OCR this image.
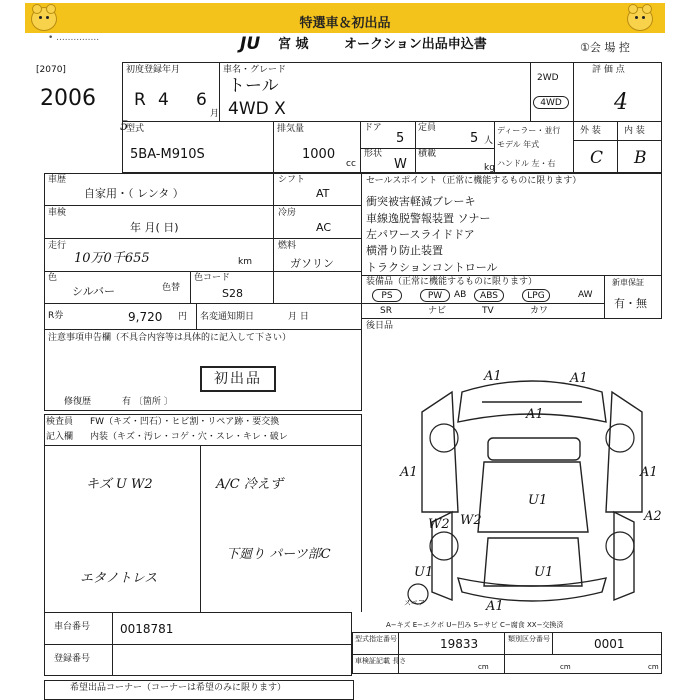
特選車＆初出品
• ...............	JU 宮 城	オークション出品申込書	①会 場 控
[2070]
2006
5
初度登録年月
R 4 6
月
車名・グレード
トール
4WD X
2WD
4WD
評 価 点
4
型式
5BA-M910S
排気量
1000
cc
ドア
5
定員
5 人
形状
W
積載
kg
ディーラー・並行
モデル 年式
ハンドル 左・右
外 装	内 装
C B
車歴
自家用・（ レンタ ）
シフト
AT
車検
年 月( 日)
冷房
AC
走行
10万0千655	km
燃料
ガソリン
色
シルバー	色替
色コード
S28
R券	9,720 円 名変通知期日	月 日
注意事項申告欄（不具合内容等は具体的に記入して下さい）
初出品
修復歴	有 〔箇所 〕
セールスポイント（正常に機能するものに限ります）
衝突被害軽減ブレーキ
車線逸脱警報装置 ソナー
左パワースライドドア
横滑り防止装置
トラクションコントロール
装備品（正常に機能するものに限ります）	新車保証
有・無
PS	PW	AB	ABS	LPG	AW
SR	ナビ	TV	カワ
後日品
検査員
記入欄
FW（キズ・凹石）・ヒビ割・リペア跡・要交換
内装（キズ・汚レ・コゲ・穴・スレ・キレ・破レ
キズ U W2	A/C 冷えず
下廻り パーツ部C
エタノトレス
A1	A1
A1
A1	A1
A2
W2
W2
U1
U1	U1
A1
スペア
A−キズ E−エクボ U−凹み S−サビ C−腐食 XX−交換済
車台番号 0018781
登録番号
型式指定番号	19833	類別区分番号	0001
車検証記載 長さ
cm	cm	cm
希望出品コーナー（コーナーは希望のみに限ります）
